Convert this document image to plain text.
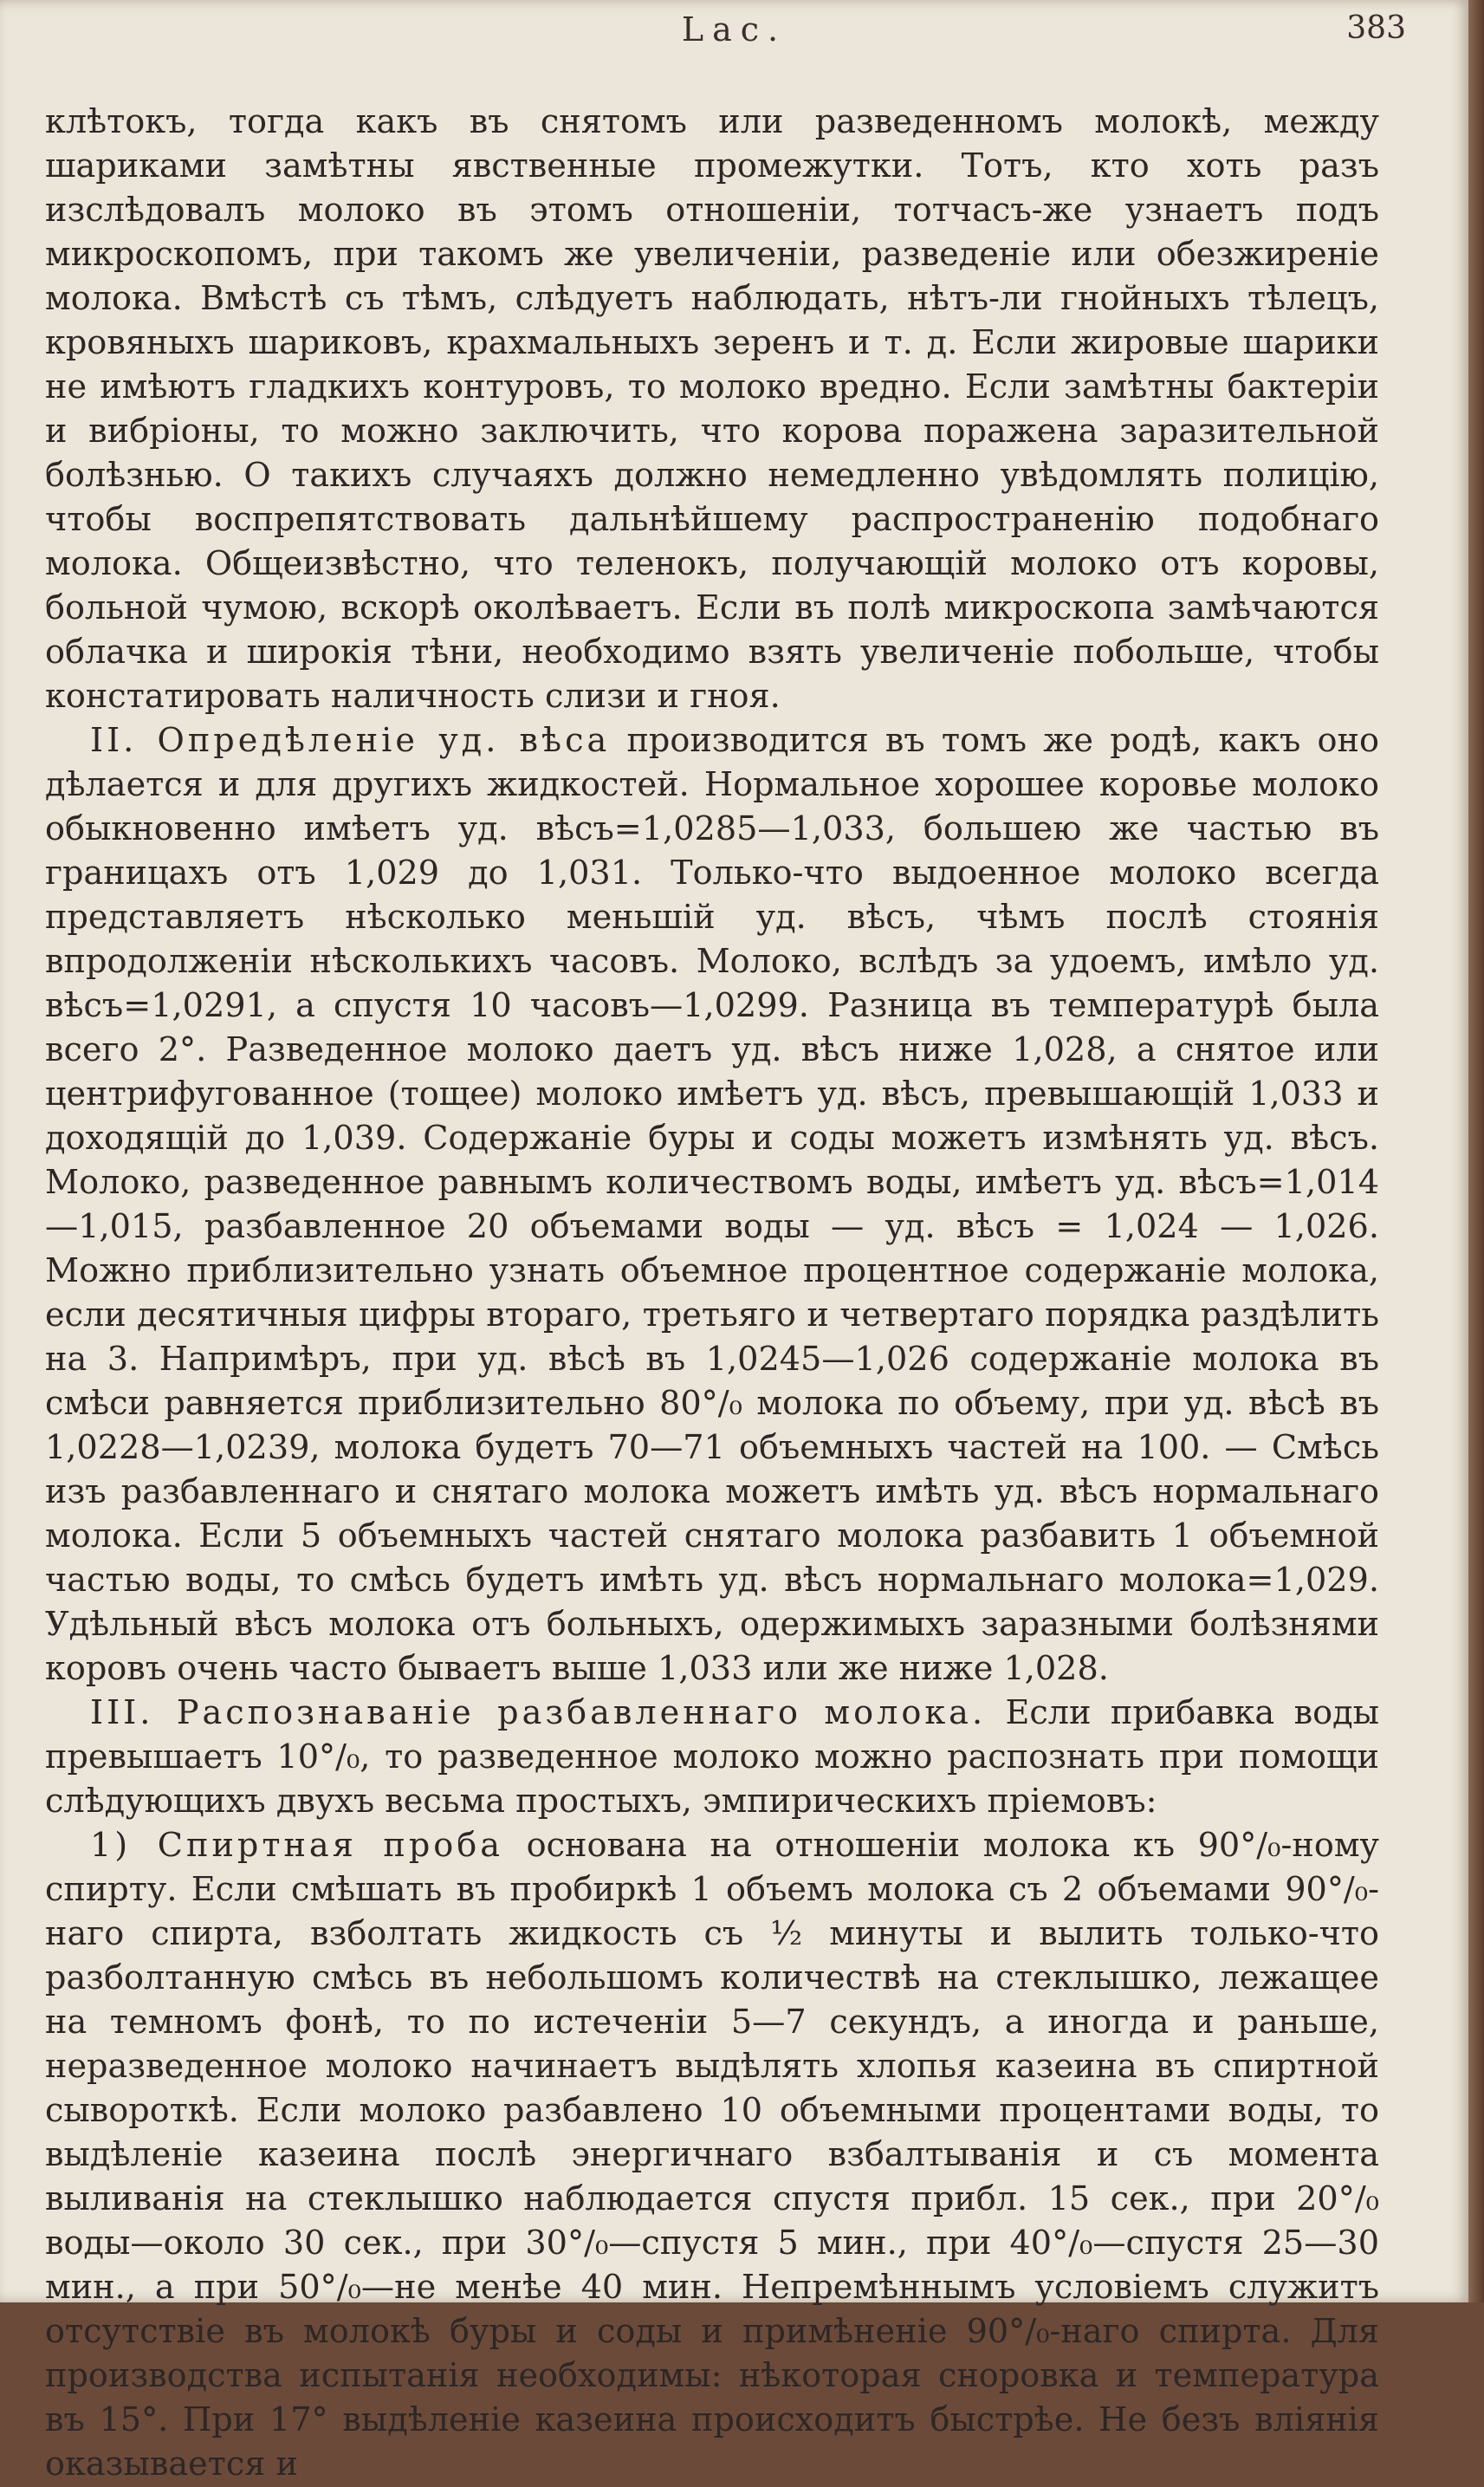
Lac.	383

клѣтокъ, тогда какъ въ снятомъ или разведенномъ молокѣ, между шариками замѣтны явственные промежутки. Тотъ, кто хоть разъ изслѣдовалъ молоко въ этомъ отношеніи, тотчасъ-же узнаетъ подъ микроскопомъ, при такомъ же увеличеніи, разведеніе или обезжиреніе молока. Вмѣстѣ съ тѣмъ, слѣдуетъ наблюдать, нѣтъ-ли гнойныхъ тѣлецъ, кровяныхъ шариковъ, крахмальныхъ зеренъ и т. д. Если жировые шарики не имѣютъ гладкихъ контуровъ, то молоко вредно. Если замѣтны бактеріи и вибріоны, то можно заключить, что корова поражена заразительной болѣзнью. О такихъ случаяхъ должно немедленно увѣдомлять полицію, чтобы воспрепятствовать дальнѣйшему распространенію подобнаго молока. Общеизвѣстно, что теленокъ, получающій молоко отъ коровы, больной чумою, вскорѣ околѣваетъ. Если въ полѣ микроскопа замѣчаются облачка и широкія тѣни, необходимо взять увеличеніе побольше, чтобы констатировать наличность слизи и гноя.

II. Опредѣленіе уд. вѣса производится въ томъ же родѣ, какъ оно дѣлается и для другихъ жидкостей. Нормальное хорошее коровье молоко обыкновенно имѣетъ уд. вѣсъ=1,0285—1,033, большею же частью въ границахъ отъ 1,029 до 1,031. Только-что выдоенное молоко всегда представляетъ нѣсколько меньшій уд. вѣсъ, чѣмъ послѣ стоянія впродолженіи нѣсколькихъ часовъ. Молоко, вслѣдъ за удоемъ, имѣло уд. вѣсъ=1,0291, а спустя 10 часовъ—1,0299. Разница въ температурѣ была всего 2°. Разведенное молоко даетъ уд. вѣсъ ниже 1,028, а снятое или центрифугованное (тощее) молоко имѣетъ уд. вѣсъ, превышающій 1,033 и доходящій до 1,039. Содержаніе буры и соды можетъ измѣнять уд. вѣсъ. Молоко, разведенное равнымъ количествомъ воды, имѣетъ уд. вѣсъ=1,014—1,015, разбавленное 20 объемами воды — уд. вѣсъ = 1,024 — 1,026. Можно приблизительно узнать объемное процентное содержаніе молока, если десятичныя цифры втораго, третьяго и четвертаго порядка раздѣлить на 3. Напримѣръ, при уд. вѣсѣ въ 1,0245—1,026 содержаніе молока въ смѣси равняется приблизительно 80°/₀ молока по объему, при уд. вѣсѣ въ 1,0228—1,0239, молока будетъ 70—71 объемныхъ частей на 100. — Смѣсь изъ разбавленнаго и снятаго молока можетъ имѣть уд. вѣсъ нормальнаго молока. Если 5 объемныхъ частей снятаго молока разбавить 1 объемной частью воды, то смѣсь будетъ имѣть уд. вѣсъ нормальнаго молока=1,029. Удѣльный вѣсъ молока отъ больныхъ, одержимыхъ заразными болѣзнями коровъ очень часто бываетъ выше 1,033 или же ниже 1,028.

III. Распознаваніе разбавленнаго молока. Если прибавка воды превышаетъ 10°/₀, то разведенное молоко можно распознать при помощи слѣдующихъ двухъ весьма простыхъ, эмпирическихъ пріемовъ:

1) Спиртная проба основана на отношеніи молока къ 90°/₀-ному спирту. Если смѣшать въ пробиркѣ 1 объемъ молока съ 2 объемами 90°/₀-наго спирта, взболтать жидкость съ ½ минуты и вылить только-что разболтанную смѣсь въ небольшомъ количествѣ на стеклышко, лежащее на темномъ фонѣ, то по истеченіи 5—7 секундъ, а иногда и раньше, неразведенное молоко начинаетъ выдѣлять хлопья казеина въ спиртной сывороткѣ. Если молоко разбавлено 10 объемными процентами воды, то выдѣленіе казеина послѣ энергичнаго взбалтыванія и съ момента выливанія на стеклышко наблюдается спустя прибл. 15 сек., при 20°/₀ воды—около 30 сек., при 30°/₀—спустя 5 мин., при 40°/₀—спустя 25—30 мин., а при 50°/₀—не менѣе 40 мин. Непремѣннымъ условіемъ служитъ отсутствіе въ молокѣ буры и соды и примѣненіе 90°/₀-наго спирта. Для производства испытанія необходимы: нѣкоторая сноровка и температура въ 15°. При 17° выдѣленіе казеина происходитъ быстрѣе. Не безъ вліянія оказывается и
